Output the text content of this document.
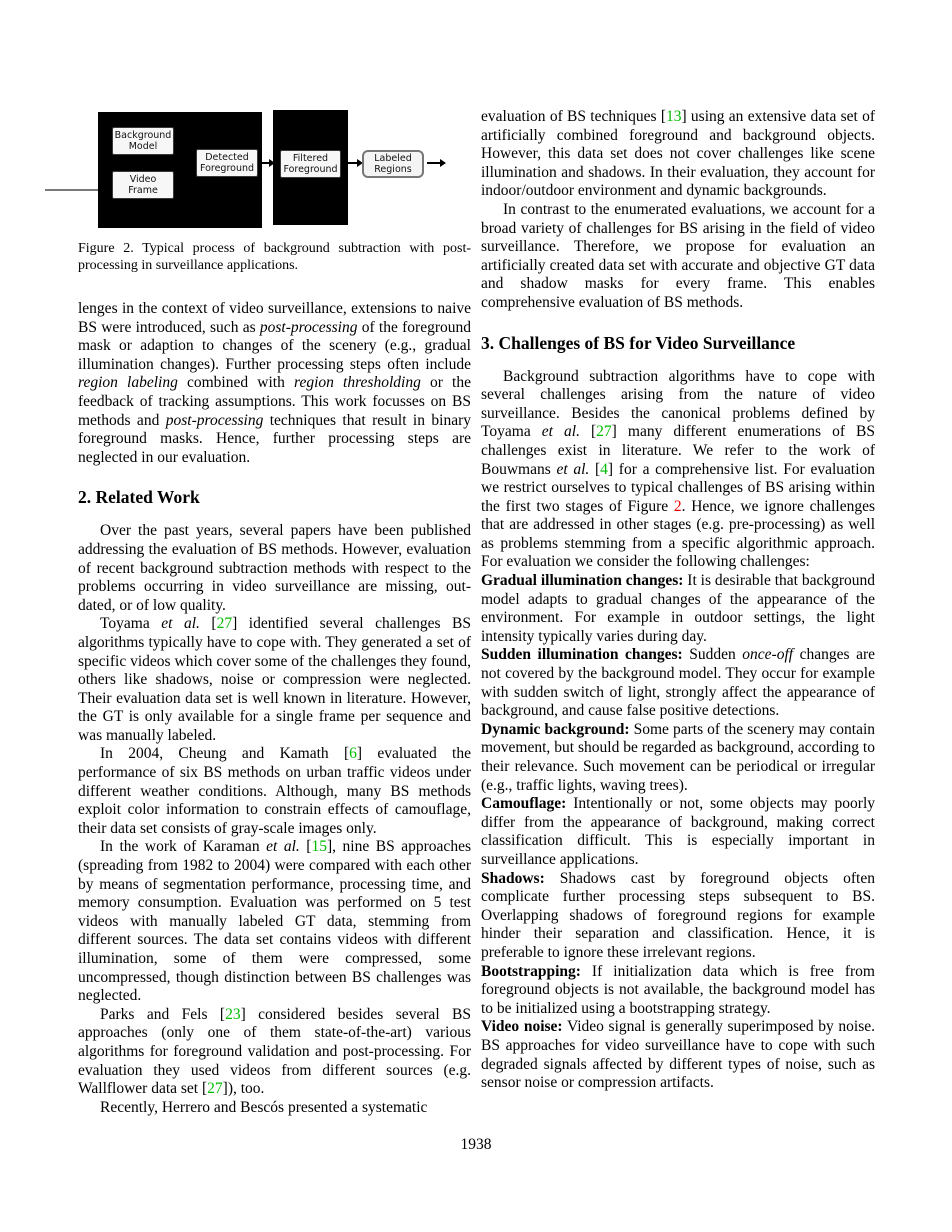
Background Model
Video Frame
Detected Foreground
Filtered Foreground
Labeled Regions
Figure 2. Typical process of background subtraction with post-processing in surveillance applications.
lenges in the context of video surveillance, extensions to naive BS were introduced, such as post-processing of the foreground mask or adaption to changes of the scenery (e.g., gradual illumination changes). Further processing steps often include region labeling combined with region thresholding or the feedback of tracking assumptions. This work focusses on BS methods and post-processing techniques that result in binary foreground masks. Hence, further processing steps are neglected in our evaluation.
2. Related Work
Over the past years, several papers have been published addressing the evaluation of BS methods. However, evaluation of recent background subtraction methods with respect to the problems occurring in video surveillance are missing, out-dated, or of low quality.
Toyama et al. [27] identified several challenges BS algorithms typically have to cope with. They generated a set of specific videos which cover some of the challenges they found, others like shadows, noise or compression were neglected. Their evaluation data set is well known in literature. However, the GT is only available for a single frame per sequence and was manually labeled.
In 2004, Cheung and Kamath [6] evaluated the performance of six BS methods on urban traffic videos under different weather conditions. Although, many BS methods exploit color information to constrain effects of camouflage, their data set consists of gray-scale images only.
In the work of Karaman et al. [15], nine BS approaches (spreading from 1982 to 2004) were compared with each other by means of segmentation performance, processing time, and memory consumption. Evaluation was performed on 5 test videos with manually labeled GT data, stemming from different sources. The data set contains videos with different illumination, some of them were compressed, some uncompressed, though distinction between BS challenges was neglected.
Parks and Fels [23] considered besides several BS approaches (only one of them state-of-the-art) various algorithms for foreground validation and post-processing. For evaluation they used videos from different sources (e.g. Wallflower data set [27]), too.
Recently, Herrero and Bescós presented a systematic
evaluation of BS techniques [13] using an extensive data set of artificially combined foreground and background objects. However, this data set does not cover challenges like scene illumination and shadows. In their evaluation, they account for indoor/outdoor environment and dynamic backgrounds.
In contrast to the enumerated evaluations, we account for a broad variety of challenges for BS arising in the field of video surveillance. Therefore, we propose for evaluation an artificially created data set with accurate and objective GT data and shadow masks for every frame. This enables comprehensive evaluation of BS methods.
3. Challenges of BS for Video Surveillance
Background subtraction algorithms have to cope with several challenges arising from the nature of video surveillance. Besides the canonical problems defined by Toyama et al. [27] many different enumerations of BS challenges exist in literature. We refer to the work of Bouwmans et al. [4] for a comprehensive list. For evaluation we restrict ourselves to typical challenges of BS arising within the first two stages of Figure 2. Hence, we ignore challenges that are addressed in other stages (e.g. pre-processing) as well as problems stemming from a specific algorithmic approach. For evaluation we consider the following challenges:
Gradual illumination changes: It is desirable that background model adapts to gradual changes of the appearance of the environment. For example in outdoor settings, the light intensity typically varies during day.
Sudden illumination changes: Sudden once-off changes are not covered by the background model. They occur for example with sudden switch of light, strongly affect the appearance of background, and cause false positive detections.
Dynamic background: Some parts of the scenery may contain movement, but should be regarded as background, according to their relevance. Such movement can be periodical or irregular (e.g., traffic lights, waving trees).
Camouflage: Intentionally or not, some objects may poorly differ from the appearance of background, making correct classification difficult. This is especially important in surveillance applications.
Shadows: Shadows cast by foreground objects often complicate further processing steps subsequent to BS. Overlapping shadows of foreground regions for example hinder their separation and classification. Hence, it is preferable to ignore these irrelevant regions.
Bootstrapping: If initialization data which is free from foreground objects is not available, the background model has to be initialized using a bootstrapping strategy.
Video noise: Video signal is generally superimposed by noise. BS approaches for video surveillance have to cope with such degraded signals affected by different types of noise, such as sensor noise or compression artifacts.
1938
